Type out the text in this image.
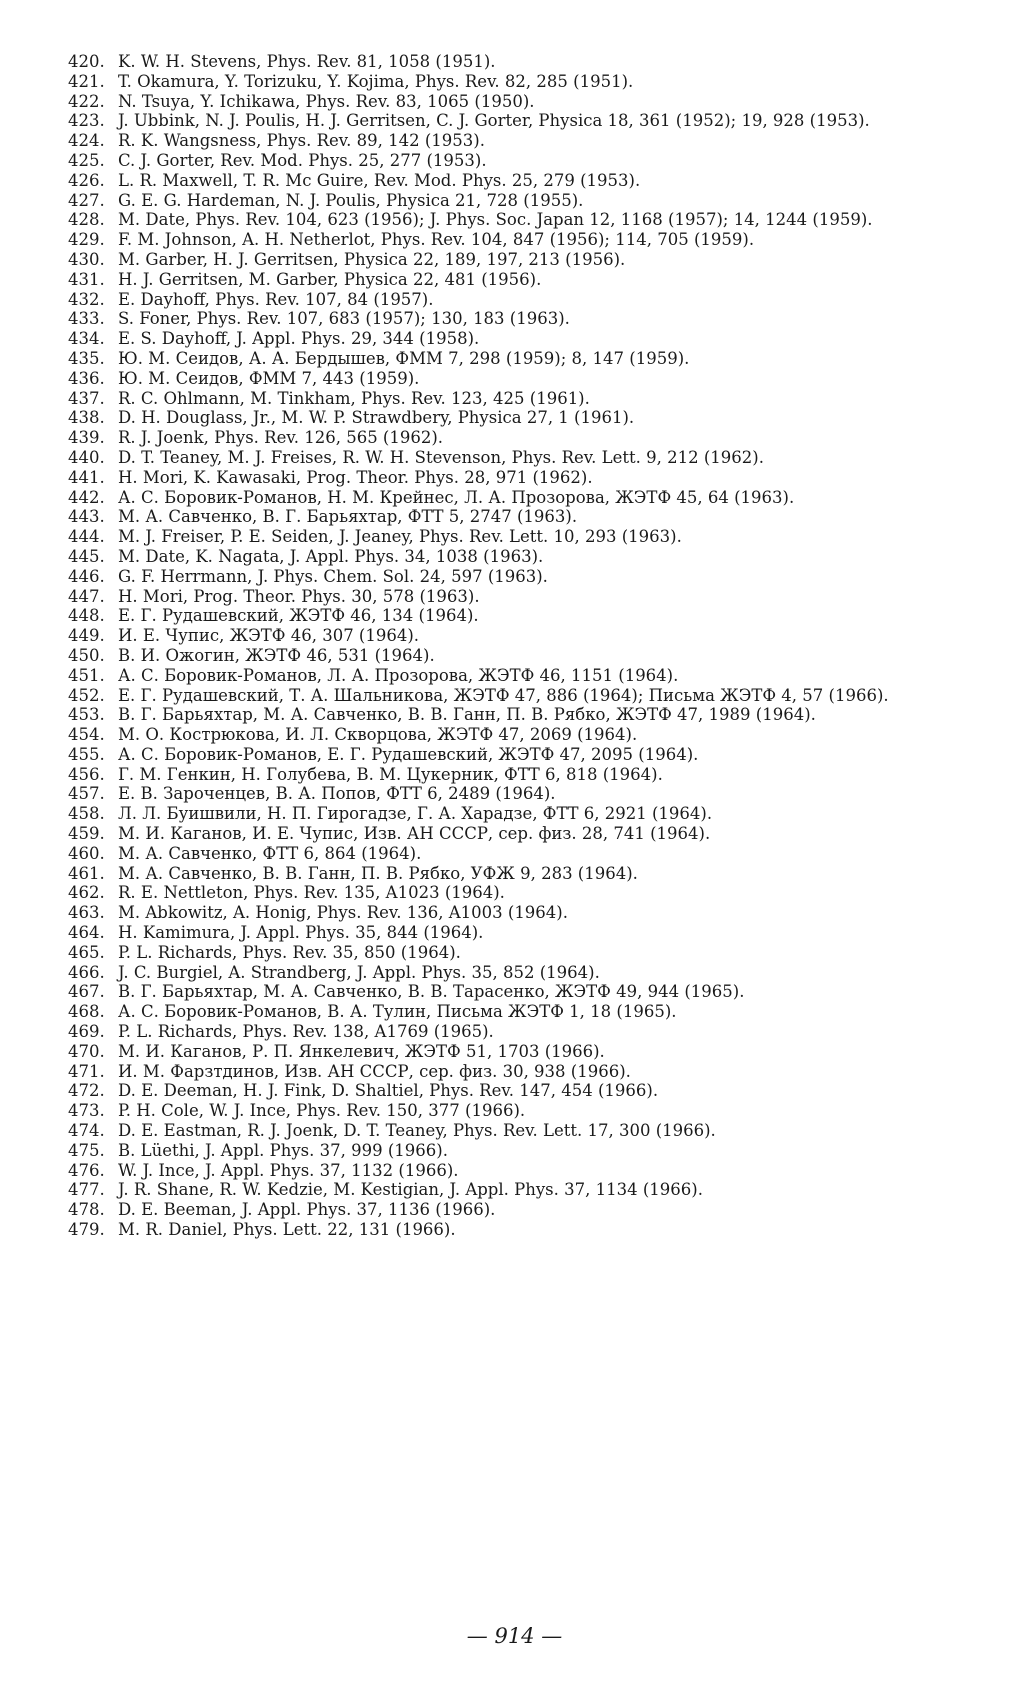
420. K. W. H. Stevens, Phys. Rev. 81, 1058 (1951).
421. T. Okamura, Y. Torizuku, Y. Kojima, Phys. Rev. 82, 285 (1951).
422. N. Tsuya, Y. Ichikawa, Phys. Rev. 83, 1065 (1950).
423. J. Ubbink, N. J. Poulis, H. J. Gerritsen, C. J. Gorter, Physica 18, 361 (1952); 19, 928 (1953).
424. R. K. Wangsness, Phys. Rev. 89, 142 (1953).
425. C. J. Gorter, Rev. Mod. Phys. 25, 277 (1953).
426. L. R. Maxwell, T. R. Mc Guire, Rev. Mod. Phys. 25, 279 (1953).
427. G. E. G. Hardeman, N. J. Poulis, Physica 21, 728 (1955).
428. M. Date, Phys. Rev. 104, 623 (1956); J. Phys. Soc. Japan 12, 1168 (1957); 14, 1244 (1959).
429. F. M. Johnson, A. H. Netherlot, Phys. Rev. 104, 847 (1956); 114, 705 (1959).
430. M. Garber, H. J. Gerritsen, Physica 22, 189, 197, 213 (1956).
431. H. J. Gerritsen, M. Garber, Physica 22, 481 (1956).
432. E. Dayhoff, Phys. Rev. 107, 84 (1957).
433. S. Foner, Phys. Rev. 107, 683 (1957); 130, 183 (1963).
434. E. S. Dayhoff, J. Appl. Phys. 29, 344 (1958).
435. Ю. М. Сеидов, А. А. Бердышев, ФММ 7, 298 (1959); 8, 147 (1959).
436. Ю. М. Сеидов, ФММ 7, 443 (1959).
437. R. C. Ohlmann, M. Tinkham, Phys. Rev. 123, 425 (1961).
438. D. H. Douglass, Jr., M. W. P. Strawdbery, Physica 27, 1 (1961).
439. R. J. Joenk, Phys. Rev. 126, 565 (1962).
440. D. T. Teaney, M. J. Freises, R. W. H. Stevenson, Phys. Rev. Lett. 9, 212 (1962).
441. H. Mori, K. Kawasaki, Prog. Theor. Phys. 28, 971 (1962).
442. А. С. Боровик-Романов, Н. М. Крейнес, Л. А. Прозорова, ЖЭТФ 45, 64 (1963).
443. М. А. Савченко, В. Г. Барьяхтар, ФТТ 5, 2747 (1963).
444. M. J. Freiser, P. E. Seiden, J. Jeaney, Phys. Rev. Lett. 10, 293 (1963).
445. M. Date, K. Nagata, J. Appl. Phys. 34, 1038 (1963).
446. G. F. Herrmann, J. Phys. Chem. Sol. 24, 597 (1963).
447. H. Mori, Prog. Theor. Phys. 30, 578 (1963).
448. Е. Г. Рудашевский, ЖЭТФ 46, 134 (1964).
449. И. Е. Чупис, ЖЭТФ 46, 307 (1964).
450. В. И. Ожогин, ЖЭТФ 46, 531 (1964).
451. А. С. Боровик-Романов, Л. А. Прозорова, ЖЭТФ 46, 1151 (1964).
452. Е. Г. Рудашевский, Т. А. Шальникова, ЖЭТФ 47, 886 (1964); Письма ЖЭТФ 4, 57 (1966).
453. В. Г. Барьяхтар, М. А. Савченко, В. В. Ганн, П. В. Рябко, ЖЭТФ 47, 1989 (1964).
454. М. О. Кострюкова, И. Л. Скворцова, ЖЭТФ 47, 2069 (1964).
455. А. С. Боровик-Романов, Е. Г. Рудашевский, ЖЭТФ 47, 2095 (1964).
456. Г. М. Генкин, Н. Голубева, В. М. Цукерник, ФТТ 6, 818 (1964).
457. Е. В. Зароченцев, В. А. Попов, ФТТ 6, 2489 (1964).
458. Л. Л. Буишвили, Н. П. Гирогадзе, Г. А. Харадзе, ФТТ 6, 2921 (1964).
459. М. И. Каганов, И. Е. Чупис, Изв. АН СССР, сер. физ. 28, 741 (1964).
460. М. А. Савченко, ФТТ 6, 864 (1964).
461. М. А. Савченко, В. В. Ганн, П. В. Рябко, УФЖ 9, 283 (1964).
462. R. E. Nettleton, Phys. Rev. 135, A1023 (1964).
463. M. Abkowitz, A. Honig, Phys. Rev. 136, A1003 (1964).
464. H. Kamimura, J. Appl. Phys. 35, 844 (1964).
465. P. L. Richards, Phys. Rev. 35, 850 (1964).
466. J. C. Burgiel, A. Strandberg, J. Appl. Phys. 35, 852 (1964).
467. В. Г. Барьяхтар, М. А. Савченко, В. В. Тарасенко, ЖЭТФ 49, 944 (1965).
468. А. С. Боровик-Романов, В. А. Тулин, Письма ЖЭТФ 1, 18 (1965).
469. P. L. Richards, Phys. Rev. 138, A1769 (1965).
470. М. И. Каганов, Р. П. Янкелевич, ЖЭТФ 51, 1703 (1966).
471. И. М. Фарзтдинов, Изв. АН СССР, сер. физ. 30, 938 (1966).
472. D. E. Deeman, H. J. Fink, D. Shaltiel, Phys. Rev. 147, 454 (1966).
473. P. H. Cole, W. J. Ince, Phys. Rev. 150, 377 (1966).
474. D. E. Eastman, R. J. Joenk, D. T. Teaney, Phys. Rev. Lett. 17, 300 (1966).
475. B. Lüethi, J. Appl. Phys. 37, 999 (1966).
476. W. J. Ince, J. Appl. Phys. 37, 1132 (1966).
477. J. R. Shane, R. W. Kedzie, M. Kestigian, J. Appl. Phys. 37, 1134 (1966).
478. D. E. Beeman, J. Appl. Phys. 37, 1136 (1966).
479. M. R. Daniel, Phys. Lett. 22, 131 (1966).
— 914 —
